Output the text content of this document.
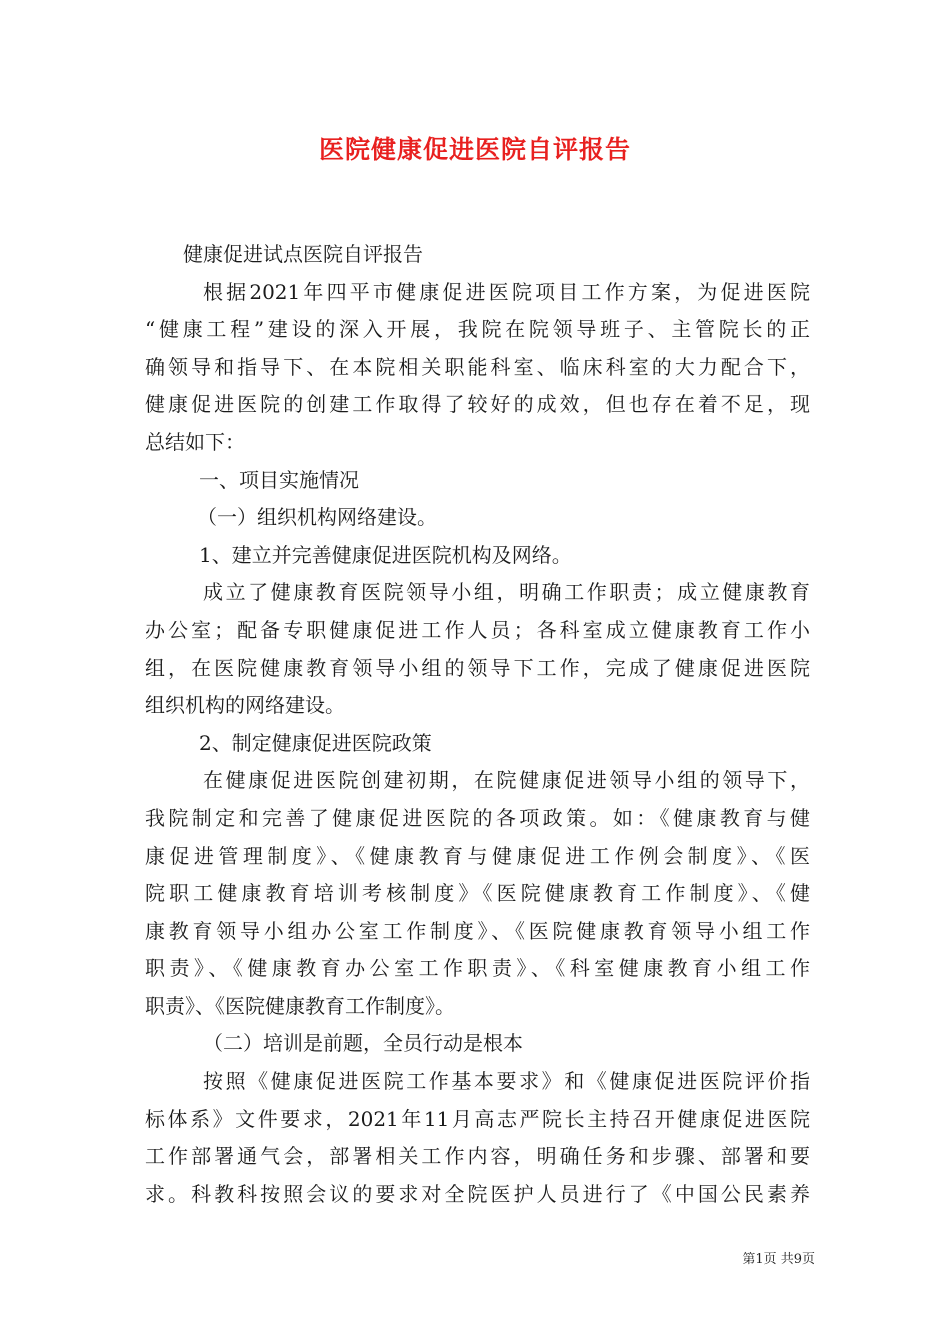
医院健康促进医院自评报告
健康促进试点医院自评报告
根据2021年四平市健康促进医院项目工作方案，为促进医院
“健康工程”建设的深入开展，我院在院领导班子、主管院长的正
确领导和指导下、在本院相关职能科室、临床科室的大力配合下，
健康促进医院的创建工作取得了较好的成效，但也存在着不足，现
总结如下：
一、项目实施情况
（一）组织机构网络建设。
1、建立并完善健康促进医院机构及网络。
成立了健康教育医院领导小组，明确工作职责；成立健康教育
办公室；配备专职健康促进工作人员；各科室成立健康教育工作小
组，在医院健康教育领导小组的领导下工作，完成了健康促进医院
组织机构的网络建设。
2、制定健康促进医院政策
在健康促进医院创建初期，在院健康促进领导小组的领导下，
我院制定和完善了健康促进医院的各项政策。如：《健康教育与健
康促进管理制度》、《健康教育与健康促进工作例会制度》、《医
院职工健康教育培训考核制度》《医院健康教育工作制度》、《健
康教育领导小组办公室工作制度》、《医院健康教育领导小组工作
职责》、《健康教育办公室工作职责》、《科室健康教育小组工作
职责》、《医院健康教育工作制度》。
（二）培训是前题，全员行动是根本
按照《健康促进医院工作基本要求》和《健康促进医院评价指
标体系》文件要求，2021年11月高志严院长主持召开健康促进医院
工作部署通气会，部署相关工作内容，明确任务和步骤、部署和要
求。科教科按照会议的要求对全院医护人员进行了《中国公民素养
第1页 共9页
